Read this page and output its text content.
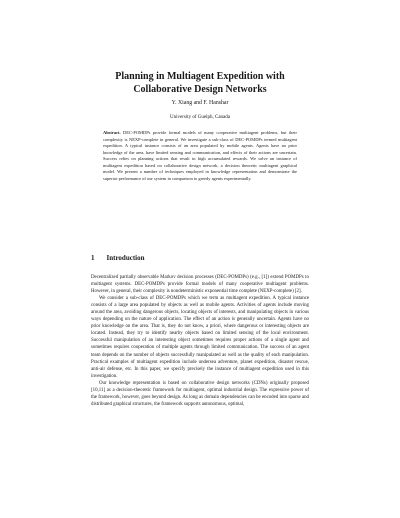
Planning in Multiagent Expedition with
Collaborative Design Networks
Y. Xiang and F. Hanshar
University of Guelph, Canada
Abstract. DEC-POMDPs provide formal models of many cooperative multiagent problems, but their complexity is NEXP-complete in general. We investigate a sub-class of DEC-POMDPs termed multiagent expedition. A typical instance consists of an area populated by mobile agents. Agents have no prior knowledge of the area, have limited sensing and communication, and effects of their actions are uncertain. Success relies on planning actions that result in high accumulated rewards. We solve an instance of multiagent expedition based on collaborative design network, a decision theoretic multiagent graphical model. We present a number of techniques employed in knowledge representation and demonstrate the superior performance of our system in comparison to greedy agents experimentally.
1 Introduction

Decentralized partially observable Markov decision processes (DEC-POMDPs) (e.g., [1]) extend POMDPs to multiagent systems. DEC-POMDPs provide formal models of many cooperative multiagent problems. However, in general, their complexity is nondeterministic exponential time complete (NEXP-complete) [2].

We consider a sub-class of DEC-POMDPs which we term as multiagent expedition. A typical instance consists of a large area populated by objects as well as mobile agents. Activities of agents include moving around the area, avoiding dangerous objects, locating objects of interests, and manipulating objects in various ways depending on the nature of application. The effect of an action is generally uncertain. Agents have no prior knowledge on the area. That is, they do not know, a priori, where dangerous or interesting objects are located. Instead, they try to identify nearby objects based on limited sensing of the local environment. Successful manipulation of an interesting object sometimes requires proper actions of a single agent and sometimes requires cooperation of multiple agents through limited communication. The success of an agent team depends on the number of objects successfully manipulated as well as the quality of each manipulation. Practical examples of multiagent expedition include undersea adventure, planet expedition, disaster rescue, anti-air defense, etc. In this paper, we specify precisely the instance of multiagent expedition used in this investigation.

Our knowledge representation is based on collaborative design networks (CDNs) originally proposed [10,11] as a decision-theoretic framework for multiagent, optimal industrial design. The expressive power of the framework, however, goes beyond design. As long as domain dependencies can be encoded into sparse and distributed graphical structures, the framework supports autonomous, optimal,
